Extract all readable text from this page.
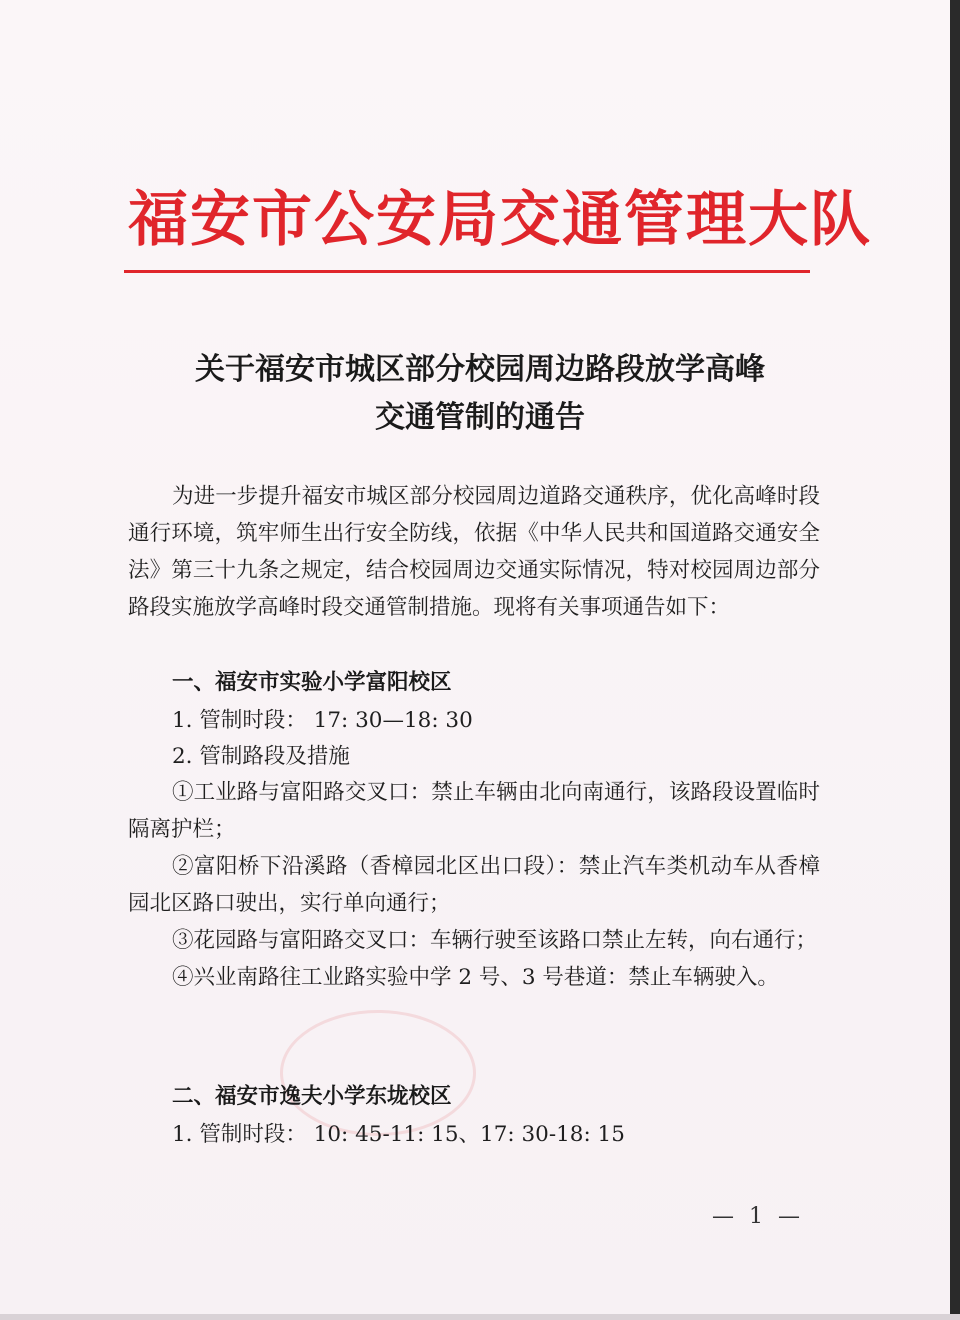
福安市公安局交通管理大队
关于福安市城区部分校园周边路段放学高峰
交通管制的通告

为进一步提升福安市城区部分校园周边道路交通秩序，优化高峰时段通行环境，筑牢师生出行安全防线，依据《中华人民共和国道路交通安全法》第三十九条之规定，结合校园周边交通实际情况，特对校园周边部分路段实施放学高峰时段交通管制措施。现将有关事项通告如下：

一、福安市实验小学富阳校区
1. 管制时段： 17: 30—18: 30
2. 管制路段及措施

①工业路与富阳路交叉口：禁止车辆由北向南通行，该路段设置临时隔离护栏；

②富阳桥下沿溪路（香樟园北区出口段）：禁止汽车类机动车从香樟园北区路口驶出，实行单向通行；

③花园路与富阳路交叉口：车辆行驶至该路口禁止左转，向右通行；

④兴业南路往工业路实验中学 2 号、3 号巷道：禁止车辆驶入。

二、福安市逸夫小学东垅校区
1. 管制时段： 10: 45-11: 15、17: 30-18: 15
— 1 —
